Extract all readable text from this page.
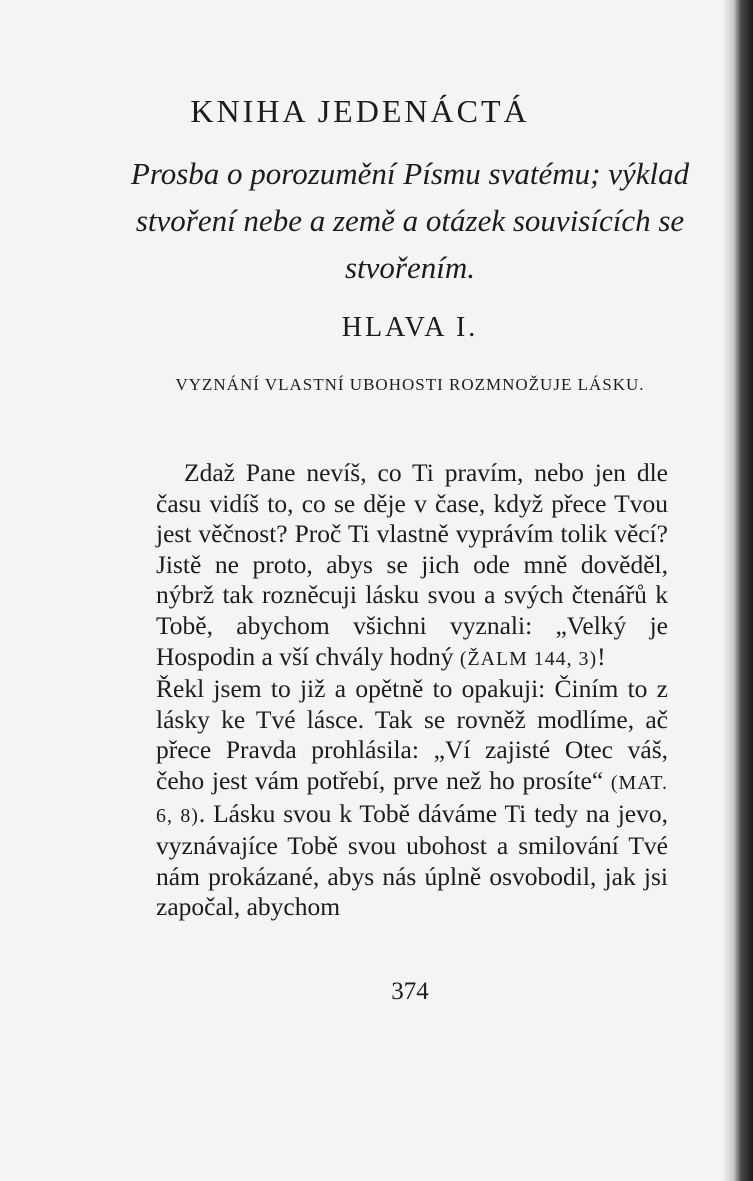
KNIHA JEDENÁCTÁ

Prosba o porozumění Písmu svatému; výklad stvoření nebe a země a otázek souvisících se stvořením.

HLAVA I.

VYZNÁNÍ VLASTNÍ UBOHOSTI ROZMNOŽUJE LÁSKU.

Zdaž Pane nevíš, co Ti pravím, nebo jen dle času vidíš to, co se děje v čase, když přece Tvou jest věčnost? Proč Ti vlastně vyprávím tolik věcí? Jistě ne proto, abys se jich ode mně dověděl, nýbrž tak rozněcuji lásku svou a svých čtenářů k Tobě, abychom všichni vyznali: „Velký je Hospodin a vší chvály hodný (ŽALM 144, 3)!

Řekl jsem to již a opětně to opakuji: Činím to z lásky ke Tvé lásce. Tak se rovněž modlíme, ač přece Pravda prohlásila: „Ví zajisté Otec váš, čeho jest vám potřebí, prve než ho prosíte“ (MAT. 6, 8). Lásku svou k Tobě dáváme Ti tedy na jevo, vyznávajíce Tobě svou ubohost a smilování Tvé nám prokázané, abys nás úplně osvobodil, jak jsi započal, abychom

374
